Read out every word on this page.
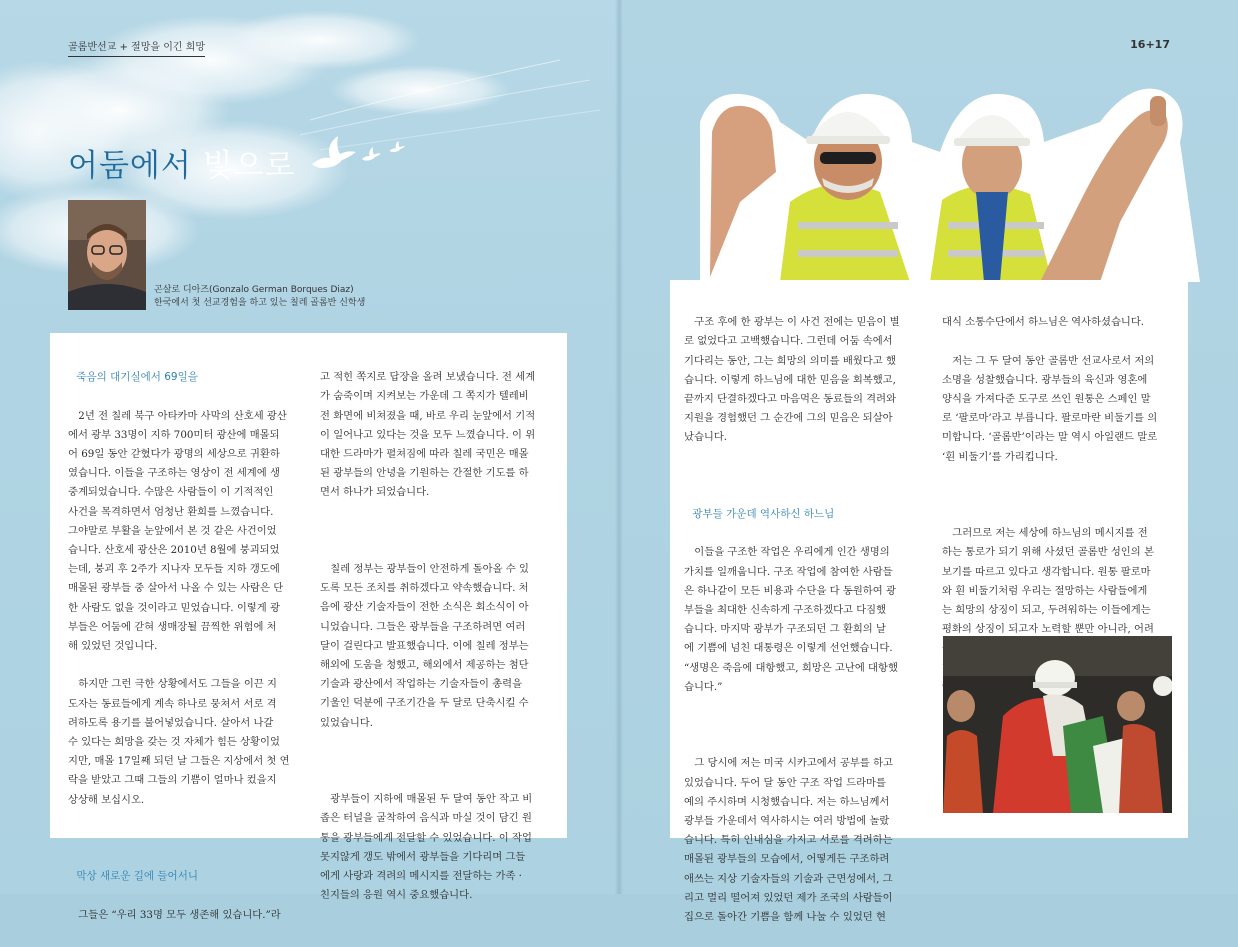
골롬반선교 + 절망을 이긴 희망
어둠에서 빛으로
곤살로 디아즈(Gonzalo German Borques Diaz)
한국에서 첫 선교경험을 하고 있는 칠레 골롬반 신학생

죽음의 대기실에서 69일을

2년 전 칠레 북구 아타카마 사막의 산호세 광산
에서 광부 33명이 지하 700미터 광산에 매몰되
어 69일 동안 갇혔다가 광명의 세상으로 귀환하
였습니다. 이들을 구조하는 영상이 전 세계에 생
중계되었습니다. 수많은 사람들이 이 기적적인
사건을 목격하면서 엄청난 환희를 느꼈습니다.
그야말로 부활을 눈앞에서 본 것 같은 사건이었
습니다. 산호세 광산은 2010년 8월에 붕괴되었
는데, 붕괴 후 2주가 지나자 모두들 지하 갱도에
매몰된 광부들 중 살아서 나올 수 있는 사람은 단
한 사람도 없을 것이라고 믿었습니다. 이렇게 광
부들은 어둠에 갇혀 생매장될 끔찍한 위험에 처
해 있었던 것입니다.

하지만 그런 극한 상황에서도 그들을 이끈 지
도자는 동료들에게 계속 하나로 뭉쳐서 서로 격
려하도록 용기를 불어넣었습니다. 살아서 나갈
수 있다는 희망을 갖는 것 자체가 힘든 상황이었
지만, 매몰 17일째 되던 날 그들은 지상에서 첫 연
락을 받았고 그때 그들의 기쁨이 얼마나 컸을지
상상해 보십시오.

막상 새로운 길에 들어서니

그들은 “우리 33명 모두 생존해 있습니다.”라

고 적힌 쪽지로 답장을 올려 보냈습니다. 전 세계
가 숨죽이며 지켜보는 가운데 그 쪽지가 텔레비
전 화면에 비쳐졌을 때, 바로 우리 눈앞에서 기적
이 일어나고 있다는 것을 모두 느꼈습니다. 이 위
대한 드라마가 펼쳐짐에 따라 칠레 국민은 매몰
된 광부들의 안녕을 기원하는 간절한 기도를 하
면서 하나가 되었습니다.

칠레 정부는 광부들이 안전하게 돌아올 수 있
도록 모든 조치를 취하겠다고 약속했습니다. 처
음에 광산 기술자들이 전한 소식은 회소식이 아
니었습니다. 그들은 광부들을 구조하려면 여러
달이 걸린다고 발표했습니다. 이에 칠레 정부는
해외에 도움을 청했고, 해외에서 제공하는 첨단
기술과 광산에서 작업하는 기술자들이 총력을
기울인 덕분에 구조기간을 두 달로 단축시킬 수
있었습니다.

광부들이 지하에 매몰된 두 달여 동안 작고 비
좁은 터널을 굴착하여 음식과 마실 것이 담긴 원
통을 광부들에게 전달할 수 있었습니다. 이 작업
못지않게 갱도 밖에서 광부들을 기다리며 그들
에게 사랑과 격려의 메시지를 전달하는 가족 ·
친지들의 응원 역시 중요했습니다.

16+17

구조 후에 한 광부는 이 사건 전에는 믿음이 별
로 없었다고 고백했습니다. 그런데 어둠 속에서
기다리는 동안, 그는 희망의 의미를 배웠다고 했
습니다. 이렇게 하느님에 대한 믿음을 회복했고,
끝까지 단결하겠다고 마음먹은 동료들의 격려와
지원을 경험했던 그 순간에 그의 믿음은 되살아
났습니다.

광부들 가운데 역사하신 하느님

이들을 구조한 작업은 우리에게 인간 생명의
가치를 일깨웁니다. 구조 작업에 참여한 사람들
은 하나같이 모든 비용과 수단을 다 동원하여 광
부들을 최대한 신속하게 구조하겠다고 다짐했
습니다. 마지막 광부가 구조되던 그 환희의 날
에 기쁨에 넘친 대통령은 이렇게 선언했습니다.
“생명은 죽음에 대항했고, 희망은 고난에 대항했
습니다.”

그 당시에 저는 미국 시카고에서 공부를 하고
있었습니다. 두어 달 동안 구조 작업 드라마를
예의 주시하며 시청했습니다. 저는 하느님께서
광부들 가운데서 역사하시는 여러 방법에 놀랐
습니다. 특히 인내심을 가지고 서로를 격려하는
매몰된 광부들의 모습에서, 어떻게든 구조하려
애쓰는 지상 기술자들의 기술과 근면성에서, 그
리고 멀리 떨어져 있었던 제가 조국의 사람들이
집으로 돌아간 기쁨을 함께 나눌 수 있었던 현

대식 소통수단에서 하느님은 역사하셨습니다.

저는 그 두 달여 동안 골롬반 선교사로서 저의
소명을 성찰했습니다. 광부들의 육신과 영혼에
양식을 가져다준 도구로 쓰인 원통은 스페인 말
로 ‘팔로마’라고 부릅니다. 팔로마란 비둘기를 의
미합니다. ‘골롬반’이라는 말 역시 아일랜드 말로
‘흰 비둘기’를 가리킵니다.

그러므로 저는 세상에 하느님의 메시지를 전
하는 통로가 되기 위해 사셨던 골롬반 성인의 본
보기를 따르고 있다고 생각합니다. 원통 팔로마
와 흰 비둘기처럼 우리는 절망하는 사람들에게
는 희망의 상징이 되고, 두려워하는 이들에게는
평화의 상징이 되고자 노력할 뿐만 아니라, 어려
